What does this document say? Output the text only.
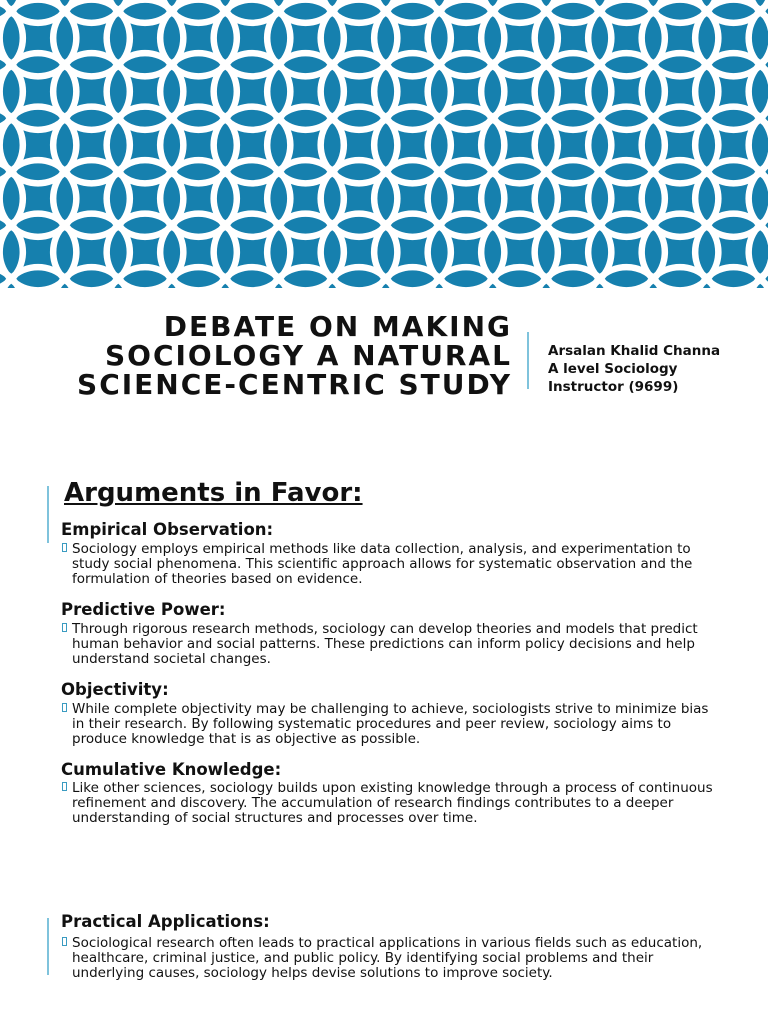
DEBATE ON MAKING SOCIOLOGY A NATURAL SCIENCE-CENTRIC STUDY
Arsalan Khalid Channa
A level Sociology
Instructor (9699)
Arguments in Favor:
Empirical Observation:
Sociology employs empirical methods like data collection, analysis, and experimentation to study social phenomena. This scientific approach allows for systematic observation and the formulation of theories based on evidence.
Predictive Power:
Through rigorous research methods, sociology can develop theories and models that predict human behavior and social patterns. These predictions can inform policy decisions and help understand societal changes.
Objectivity:
While complete objectivity may be challenging to achieve, sociologists strive to minimize bias in their research. By following systematic procedures and peer review, sociology aims to produce knowledge that is as objective as possible.
Cumulative Knowledge:
Like other sciences, sociology builds upon existing knowledge through a process of continuous refinement and discovery. The accumulation of research findings contributes to a deeper understanding of social structures and processes over time.
Practical Applications:
Sociological research often leads to practical applications in various fields such as education, healthcare, criminal justice, and public policy. By identifying social problems and their underlying causes, sociology helps devise solutions to improve society.
